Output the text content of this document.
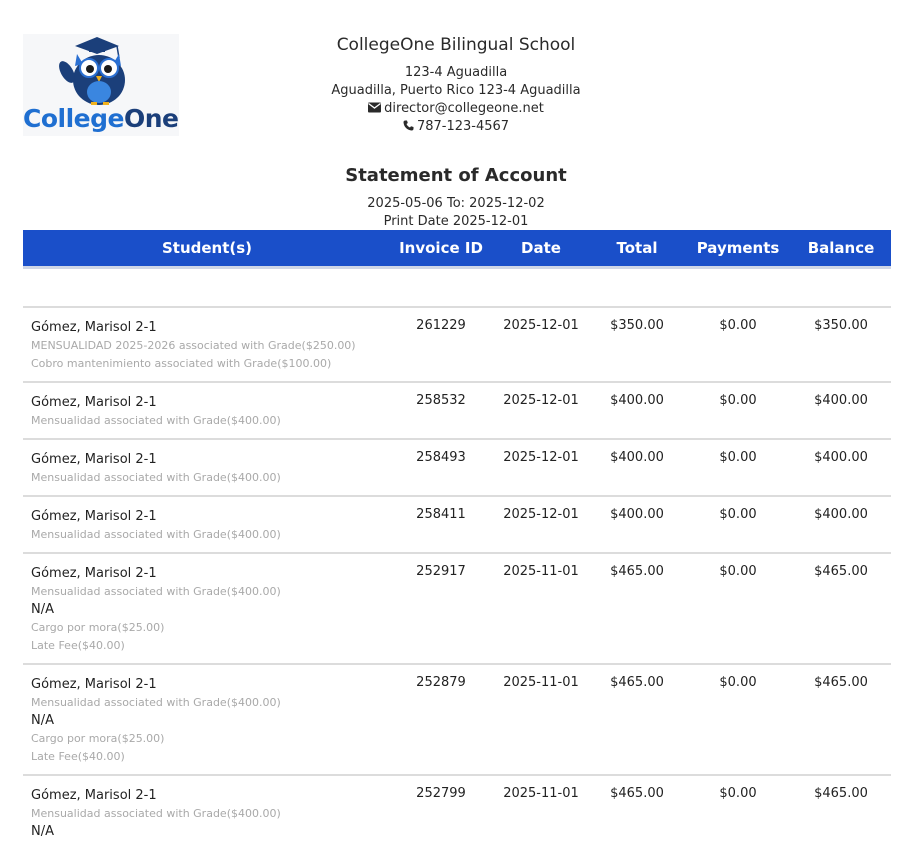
CollegeOne
CollegeOne Bilingual School
123-4 Aguadilla
Aguadilla, Puerto Rico 123-4 Aguadilla
director@collegeone.net
787-123-4567
Statement of Account
2025-05-06 To: 2025-12-02
Print Date 2025-12-01
Student(s)	Invoice ID	Date	Total	Payments	Balance
Gómez, Marisol 2-1
MENSUALIDAD 2025-2026 associated with Grade($250.00)
Cobro mantenimiento associated with Grade($100.00)
261229	2025-12-01	$350.00	$0.00	$350.00
Gómez, Marisol 2-1
Mensualidad associated with Grade($400.00)
258532	2025-12-01	$400.00	$0.00	$400.00
Gómez, Marisol 2-1
Mensualidad associated with Grade($400.00)
258493	2025-12-01	$400.00	$0.00	$400.00
Gómez, Marisol 2-1
Mensualidad associated with Grade($400.00)
258411	2025-12-01	$400.00	$0.00	$400.00
Gómez, Marisol 2-1
Mensualidad associated with Grade($400.00)
N/A
Cargo por mora($25.00)
Late Fee($40.00)
252917	2025-11-01	$465.00	$0.00	$465.00
Gómez, Marisol 2-1
Mensualidad associated with Grade($400.00)
N/A
Cargo por mora($25.00)
Late Fee($40.00)
252879	2025-11-01	$465.00	$0.00	$465.00
Gómez, Marisol 2-1
Mensualidad associated with Grade($400.00)
N/A
252799	2025-11-01	$465.00	$0.00	$465.00
